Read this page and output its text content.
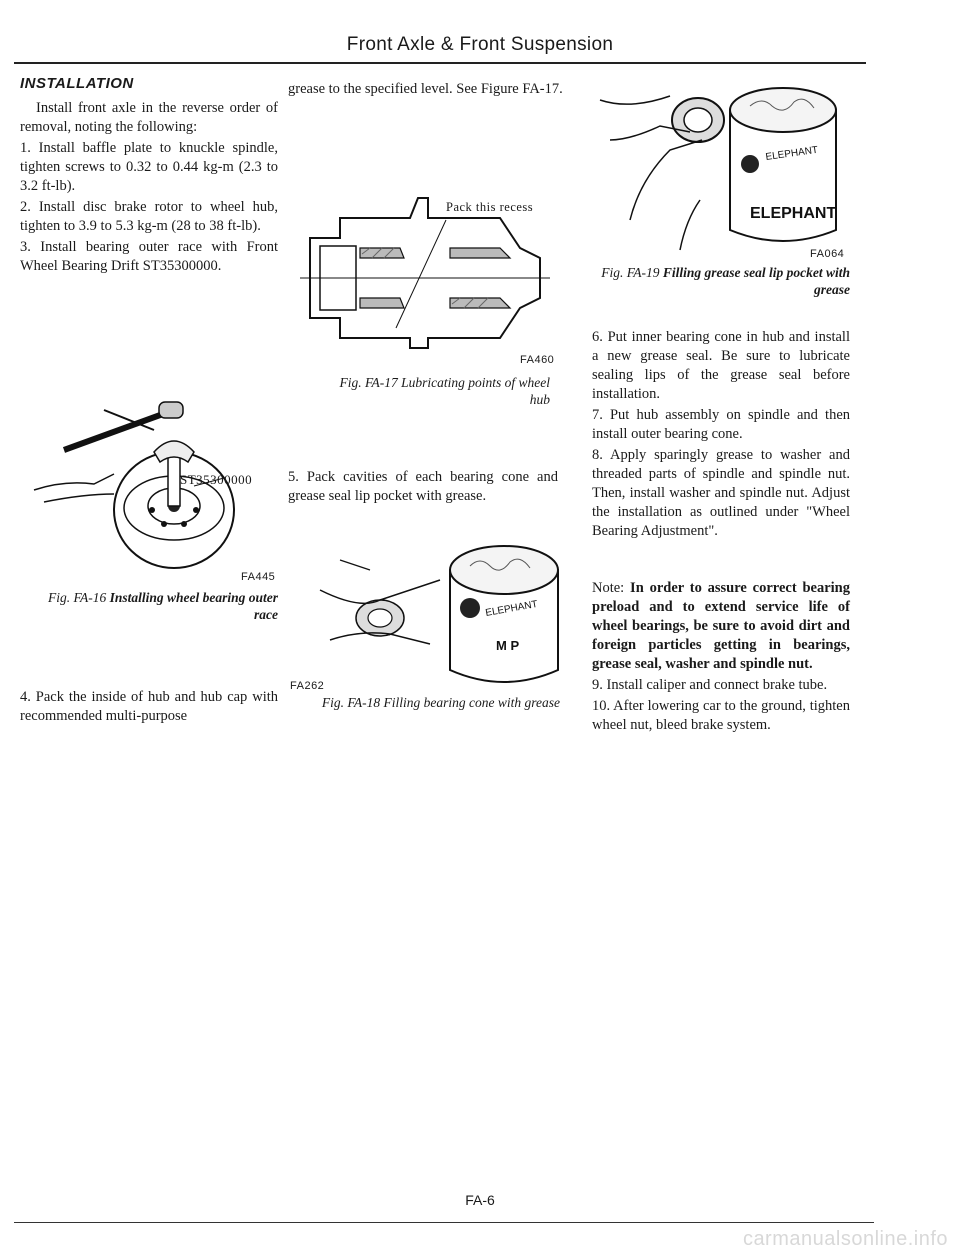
Front Axle & Front Suspension
INSTALLATION

Install front axle in the reverse order of removal, noting the following:

1. Install baffle plate to knuckle spindle, tighten screws to 0.32 to 0.44 kg-m (2.3 to 3.2 ft-lb).

2. Install disc brake rotor to wheel hub, tighten to 3.9 to 5.3 kg-m (28 to 38 ft-lb).

3. Install bearing outer race with Front Wheel Bearing Drift ST35300000.

ST35300000
FA445
Fig. FA-16 Installing wheel bearing outer race

4. Pack the inside of hub and hub cap with recommended multi-purpose

grease to the specified level. See Figure FA-17.

Pack this recess
FA460
Fig. FA-17 Lubricating points of wheel hub

5. Pack cavities of each bearing cone and grease seal lip pocket with grease.

ELEPHANT
M P
FA262
Fig. FA-18 Filling bearing cone with grease
ELEPHANT
ELEPHANT
FA064
Fig. FA-19 Filling grease seal lip pocket with grease

6. Put inner bearing cone in hub and install a new grease seal. Be sure to lubricate sealing lips of the grease seal before installation.

7. Put hub assembly on spindle and then install outer bearing cone.

8. Apply sparingly grease to washer and threaded parts of spindle and spindle nut. Then, install washer and spindle nut. Adjust the installation as outlined under "Wheel Bearing Adjustment".

Note: In order to assure correct bearing preload and to extend service life of wheel bearings, be sure to avoid dirt and foreign particles getting in bearings, grease seal, washer and spindle nut.

9. Install caliper and connect brake tube.

10. After lowering car to the ground, tighten wheel nut, bleed brake system.

FA-6
carmanualsonline.info
